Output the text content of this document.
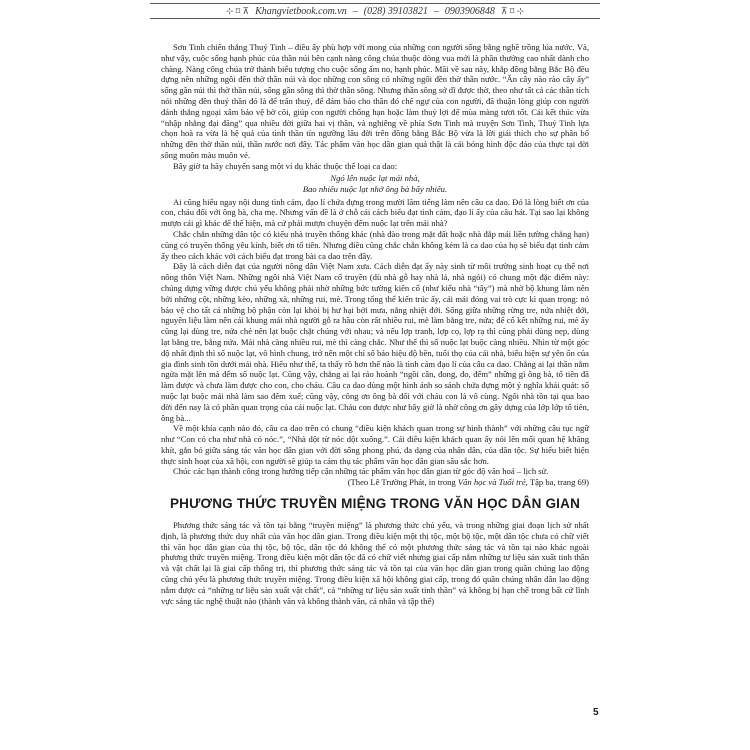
⊹ ⌑ ⊼ Khangvietbook.com.vn – (028) 39103821 – 0903906848 ⊼ ⌑ ⊹

Sơn Tinh chiến thắng Thuỷ Tinh – điều ấy phù hợp với mong của những con người sống bằng nghề trồng lúa nước. Và, như vậy, cuộc sống hạnh phúc của thần núi bên cạnh nàng công chúa thuộc dòng vua mới là phần thưởng cao nhất dành cho chàng. Nàng công chúa trở thành biểu tượng cho cuộc sống ấm no, hạnh phúc. Mãi về sau này, khắp đồng bằng Bắc Bộ đều dựng nên những ngôi đền thờ thần núi và dọc những con sông có những ngôi đền thờ thần nước. “Ăn cây nào rào cây ấy” sống gần núi thì thờ thần núi, sống gần sông thì thờ thần sông. Nhưng thần sông sở dĩ được thờ, theo như tất cả các thần tích nói những đền thuỷ thần đó là để trấn thuỷ, để đảm bảo cho thần đó chế ngự của con người, đã thuận lòng giúp con người đánh thắng ngoại xâm bảo vệ bờ cõi, giúp con người chống hạn hoặc làm thuỷ lợi để mùa màng tươi tốt. Cái kết thúc vừa “nhập nhằng đại đăng” qua nhiều đời giữa hai vị thần, và nghiêng về phía Sơn Tinh mà truyện Sơn Tinh, Thuỷ Tinh lựa chọn hoà ra vừa là hệ quả của tình thần tín ngưỡng lâu đời trên đồng bằng Bắc Bộ vừa là lời giải thích cho sự phân bố những đền thờ thần núi, thần nước nơi đây. Tác phẩm văn học dân gian quả thật là cái bóng hình độc đáo của thực tại đời sống muôn màu muôn vẻ.

Bây giờ ta hãy chuyển sang một ví dụ khác thuộc thể loại ca dao:

Ngó lên nuộc lạt mái nhà,
Bao nhiêu nuộc lạt nhớ ông bà bấy nhiêu.

Ai cũng hiểu ngay nội dung tình cảm, đạo lí chứa đựng trong mười lăm tiếng làm nên câu ca dao. Đó là lòng biết ơn của con, cháu đối với ông bà, cha mẹ. Nhưng vấn đề là ở chỗ cái cách biểu đạt tình cảm, đạo lí ấy của câu hát. Tại sao lại không mượn cái gì khác để thể hiện, mà cứ phải mượn chuyện đếm nuộc lạt trên mái nhà?

Chắc chắn những dân tộc có kiểu nhà truyền thống khác (nhà đào trong mặt đất hoặc nhà đắp mái liền tường chẳng hạn) cũng có truyền thống yêu kính, biết ơn tổ tiên. Nhưng điều cũng chắc chắn không kém là ca dao của họ sẽ biểu đạt tình cảm ấy theo cách khác với cách biểu đạt trong bài ca dao trên đây.

Đây là cách diễn đạt của người nông dân Việt Nam xưa. Cách diễn đạt ấy này sinh từ môi trường sinh hoạt cụ thể nơi nông thôn Việt Nam. Những ngôi nhà Việt Nam cổ truyền (dù nhà gỗ hay nhà lá, nhà ngói) có chung một đặc điểm này: chúng dựng vững được chủ yếu không phải nhờ những bức tường kiên cố (như kiểu nhà “tây”) mà nhờ bộ khung làm nên bởi những cột, những kèo, những xà, những rui, mè. Trong tổng thể kiến trúc ấy, cái mái đóng vai trò cực kì quan trọng: nó bảo vệ cho tất cả những bộ phận còn lại khỏi bị hư hại bởi mưa, nắng nhiệt đới. Sống giữa những rừng tre, nứa nhiệt đới, nguyên liệu làm nên cái khung mái nhà người gỗ ra hầu còn rất nhiều rui, mè làm bằng tre, nứa; để cố kết những rui, mè ấy cũng lại dùng tre, nứa chẻ nên lạt buộc chặt chúng với nhau; và nếu lợp tranh, lợp cọ, lợp rạ thì cũng phải dùng nẹp, dùng lạt bằng tre, bằng nứa. Mái nhà càng nhiều rui, mè thì càng chắc. Như thế thì số nuộc lạt buộc càng nhiều. Nhìn từ một góc độ nhất định thì số nuộc lạt, vô hình chung, trở nên một chỉ số báo hiệu độ bền, tuổi thọ của cái nhà, biểu hiện sự yên ổn của gia đình sinh tồn dưới mái nhà. Hiểu như thế, ta thấy rõ hơn thế nào là tình cảm đạo lí của câu ca dao. Chẳng ai lại thần nằm ngửa mặt lên mà đếm số nuộc lạt. Cũng vậy, chẳng ai lại rảo hoành “ngồi cân, đong, đo, đếm” những gì ông bà, tổ tiên đã làm được và chưa làm được cho con, cho cháu. Câu ca dao dùng một hình ảnh so sánh chứa đựng một ý nghĩa khái quát: số nuộc lạt buộc mái nhà làm sao đếm xuể; cũng vậy, công ơn ông bà đối với cháu con là vô cùng. Ngôi nhà tồn tại qua bao đời đến nay là có phần quan trọng của cái nuộc lạt. Cháu con được như bây giờ là nhờ công ơn gây dựng của lớp lớp tổ tiên, ông bà...

Về một khía cạnh nào đó, câu ca dao trên có chung “điều kiện khách quan trong sự hình thành” với những câu tục ngữ như “Con có cha như nhà có nóc.”, “Nhà dột từ nóc dột xuống.”. Cái điều kiện khách quan ấy nói lên mối quan hệ khăng khít, gắn bó giữa sáng tác văn học dân gian với đời sống phong phú, đa dạng của nhân dân, của dân tộc. Sự hiểu biết hiện thực sinh hoạt của xã hội, con người sẽ giúp ta cảm thụ tác phẩm văn học dân gian sâu sắc hơn.

Chúc các bạn thành công trong hướng tiếp cận những tác phẩm văn học dân gian từ góc độ văn hoá – lịch sử.

(Theo Lê Trường Phát, in trong Văn học và Tuổi trẻ, Tập ba, trang 69)
PHƯƠNG THỨC TRUYỀN MIỆNG TRONG VĂN HỌC DÂN GIAN

Phương thức sáng tác và tồn tại bằng “truyền miệng” là phương thức chủ yếu, và trong những giai đoạn lịch sử nhất định, là phương thức duy nhất của văn học dân gian. Trong điều kiện một thị tộc, một bộ tộc, một dân tộc chưa có chữ viết thì văn học dân gian của thị tộc, bộ tộc, dân tộc đó không thể có một phương thức sáng tác và tồn tại nào khác ngoài phương thức truyền miệng. Trong điều kiện một dân tộc đã có chữ viết nhưng giai cấp nắm những tư liệu sản xuất tinh thần và vật chất lại là giai cấp thống trị, thì phương thức sáng tác và tồn tại của văn học dân gian trong quần chúng lao động cũng chủ yếu là phương thức truyền miệng. Trong điều kiện xã hội không giai cấp, trong đó quần chúng nhân dân lao động nắm được cả “những tư liệu sản xuất vật chất”, cả “những tư liệu sản xuất tinh thần” và không bị hạn chế trong bất cứ lĩnh vực sáng tác nghệ thuật nào (thành văn và không thành văn, cá nhân và tập thể)

5
